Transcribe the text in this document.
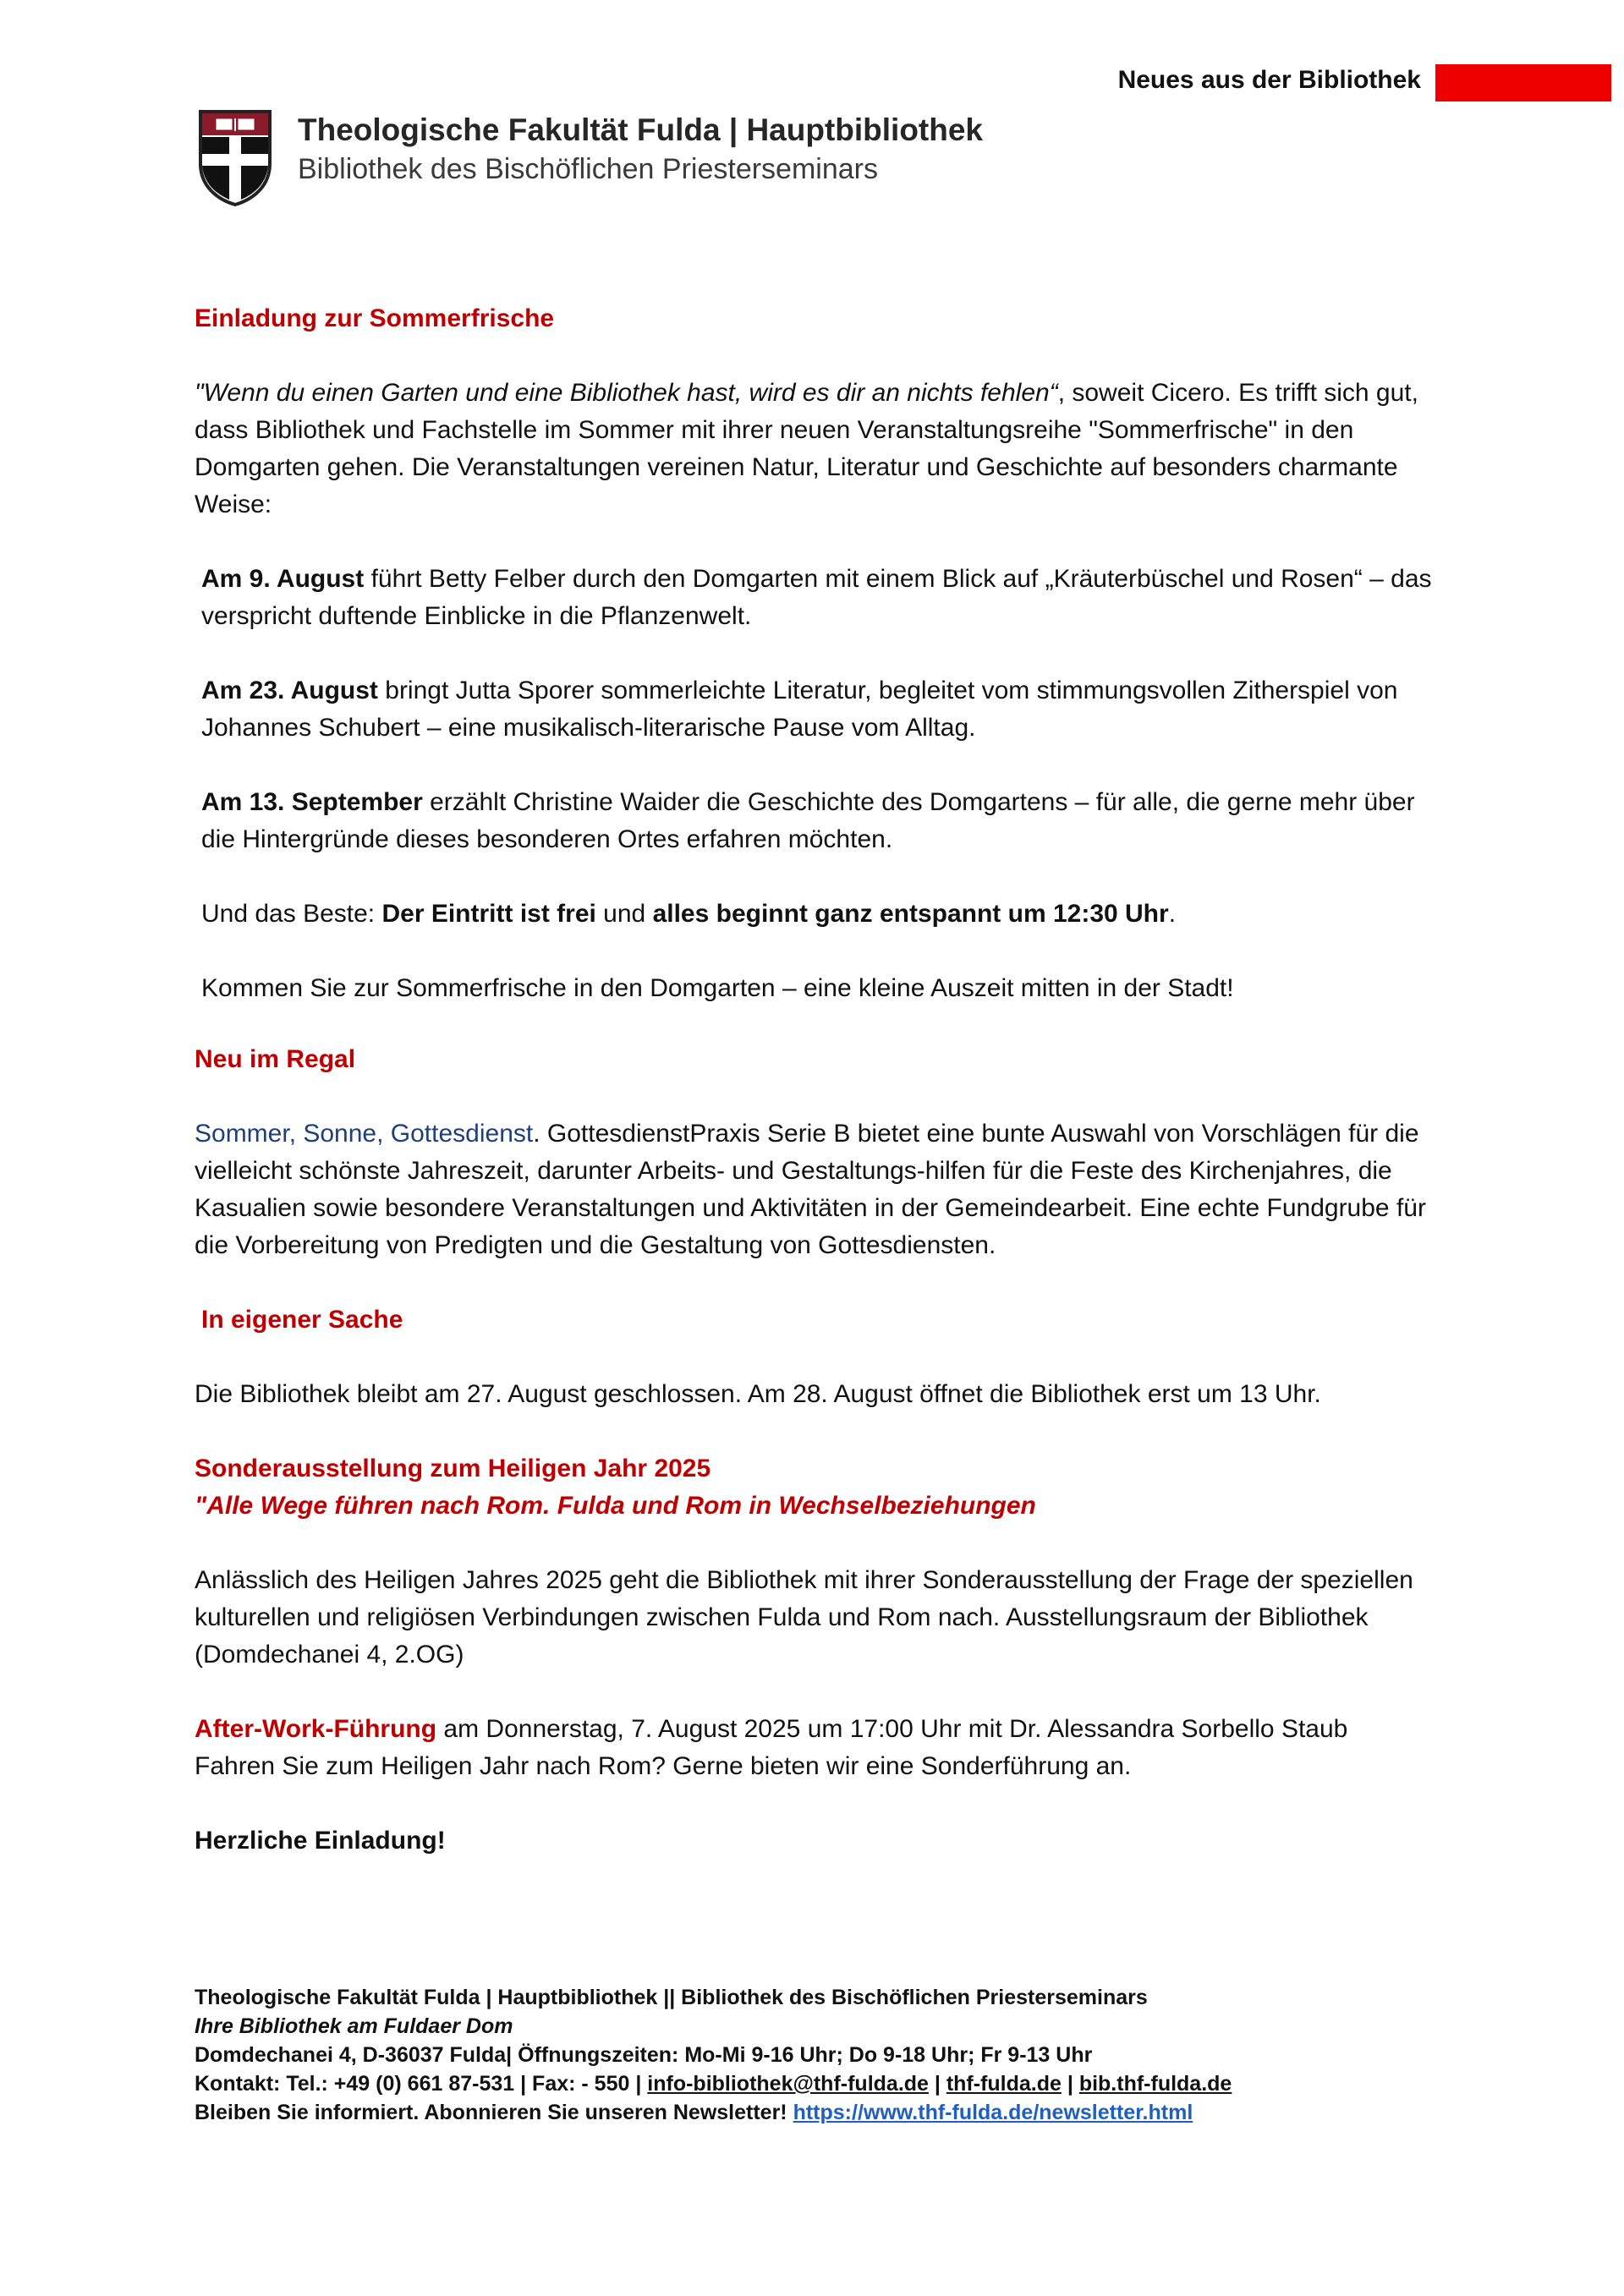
Neues aus der Bibliothek
Theologische Fakultät Fulda | Hauptbibliothek
Bibliothek des Bischöflichen Priesterseminars

Einladung zur Sommerfrische

"Wenn du einen Garten und eine Bibliothek hast, wird es dir an nichts fehlen“, soweit Cicero. Es trifft sich gut, dass Bibliothek und Fachstelle im Sommer mit ihrer neuen Veranstaltungsreihe "Sommerfrische" in den Domgarten gehen. Die Veranstaltungen vereinen Natur, Literatur und Geschichte auf besonders charmante Weise:

Am 9. August führt Betty Felber durch den Domgarten mit einem Blick auf „Kräuterbüschel und Rosen“ – das verspricht duftende Einblicke in die Pflanzenwelt.

Am 23. August bringt Jutta Sporer sommerleichte Literatur, begleitet vom stimmungsvollen Zitherspiel von Johannes Schubert – eine musikalisch-literarische Pause vom Alltag.

Am 13. September erzählt Christine Waider die Geschichte des Domgartens – für alle, die gerne mehr über die Hintergründe dieses besonderen Ortes erfahren möchten.

Und das Beste: Der Eintritt ist frei und alles beginnt ganz entspannt um 12:30 Uhr.

Kommen Sie zur Sommerfrische in den Domgarten – eine kleine Auszeit mitten in der Stadt!

Neu im Regal

Sommer, Sonne, Gottesdienst. GottesdienstPraxis Serie B bietet eine bunte Auswahl von Vorschlägen für die vielleicht schönste Jahreszeit, darunter Arbeits- und Gestaltungs-hilfen für die Feste des Kirchenjahres, die Kasualien sowie besondere Veranstaltungen und Aktivitäten in der Gemeindearbeit. Eine echte Fundgrube für die Vorbereitung von Predigten und die Gestaltung von Gottesdiensten.

In eigener Sache

Die Bibliothek bleibt am 27. August geschlossen. Am 28. August öffnet die Bibliothek erst um 13 Uhr.

Sonderausstellung zum Heiligen Jahr 2025

"Alle Wege führen nach Rom. Fulda und Rom in Wechselbeziehungen

Anlässlich des Heiligen Jahres 2025 geht die Bibliothek mit ihrer Sonderausstellung der Frage der speziellen kulturellen und religiösen Verbindungen zwischen Fulda und Rom nach. Ausstellungsraum der Bibliothek (Domdechanei 4, 2.OG)

After-Work-Führung am Donnerstag, 7. August 2025 um 17:00 Uhr mit Dr. Alessandra Sorbello Staub

Fahren Sie zum Heiligen Jahr nach Rom? Gerne bieten wir eine Sonderführung an.

Herzliche Einladung!

Theologische Fakultät Fulda | Hauptbibliothek || Bibliothek des Bischöflichen Priesterseminars
Ihre Bibliothek am Fuldaer Dom
Domdechanei 4, D-36037 Fulda| Öffnungszeiten: Mo-Mi 9-16 Uhr; Do 9-18 Uhr; Fr 9-13 Uhr
Kontakt: Tel.: +49 (0) 661 87-531 | Fax: - 550 | info-bibliothek@thf-fulda.de | thf-fulda.de | bib.thf-fulda.de
Bleiben Sie informiert. Abonnieren Sie unseren Newsletter! https://www.thf-fulda.de/newsletter.html
